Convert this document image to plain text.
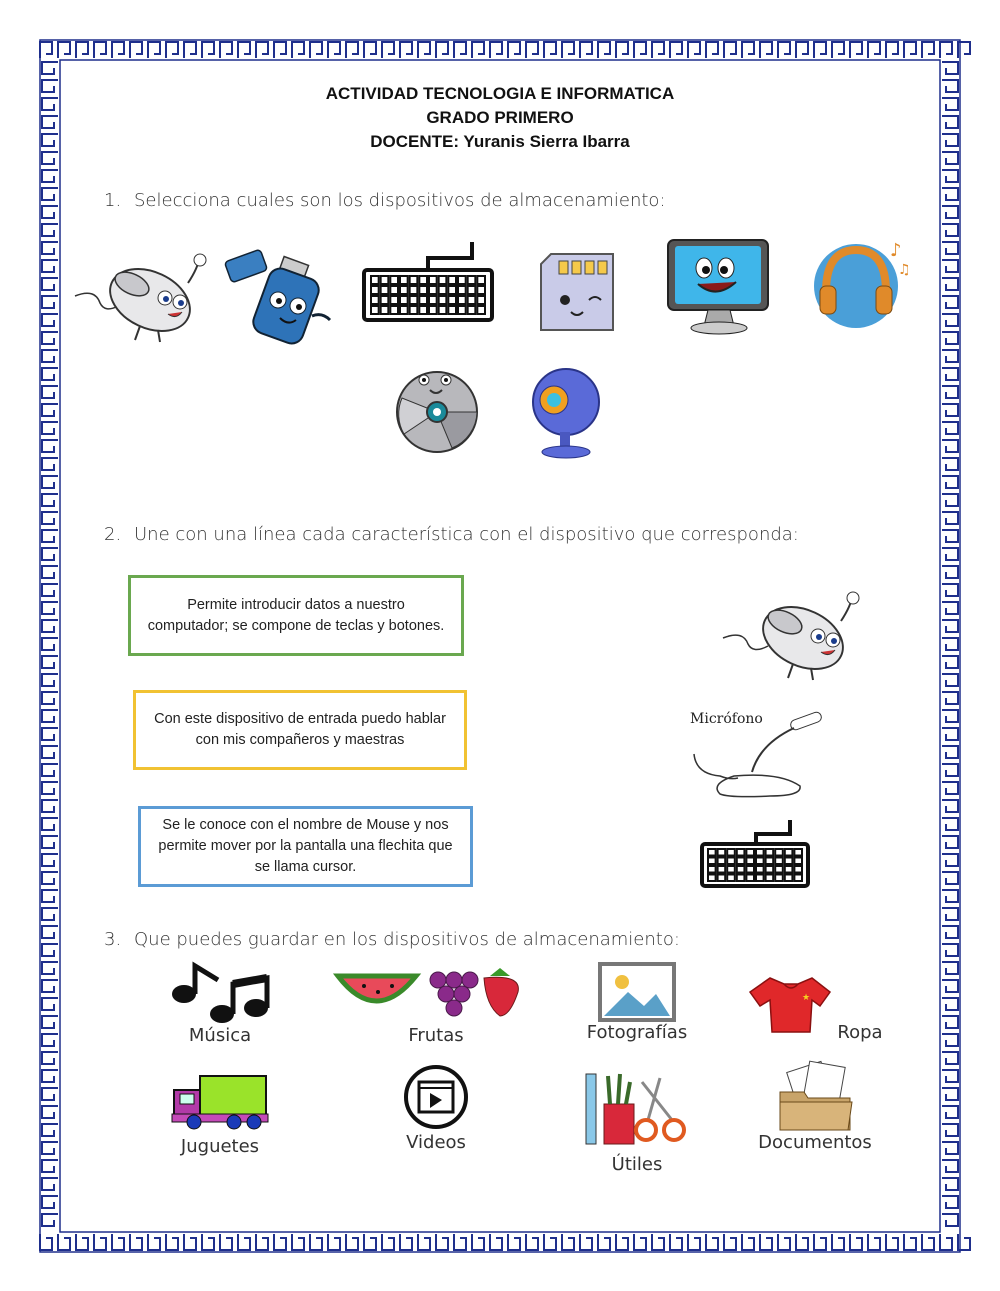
ACTIVIDAD TECNOLOGIA E INFORMATICA
GRADO PRIMERO
DOCENTE: Yuranis Sierra Ibarra
1. Selecciona cuales son los dispositivos de almacenamiento:
♪
♫
2. Une con una línea cada característica con el dispositivo que corresponda:
Permite introducir datos a nuestro computador; se compone de teclas y botones.
Con este dispositivo de entrada puedo hablar con mis compañeros y maestras
Se le conoce con el nombre de Mouse y nos permite mover por la pantalla una flechita que se llama cursor.
Micrófono
3. Que puedes guardar en los dispositivos de almacenamiento:
Música	Frutas	Fotografías
★
Ropa
Juguetes	Videos
Útiles
Documentos
